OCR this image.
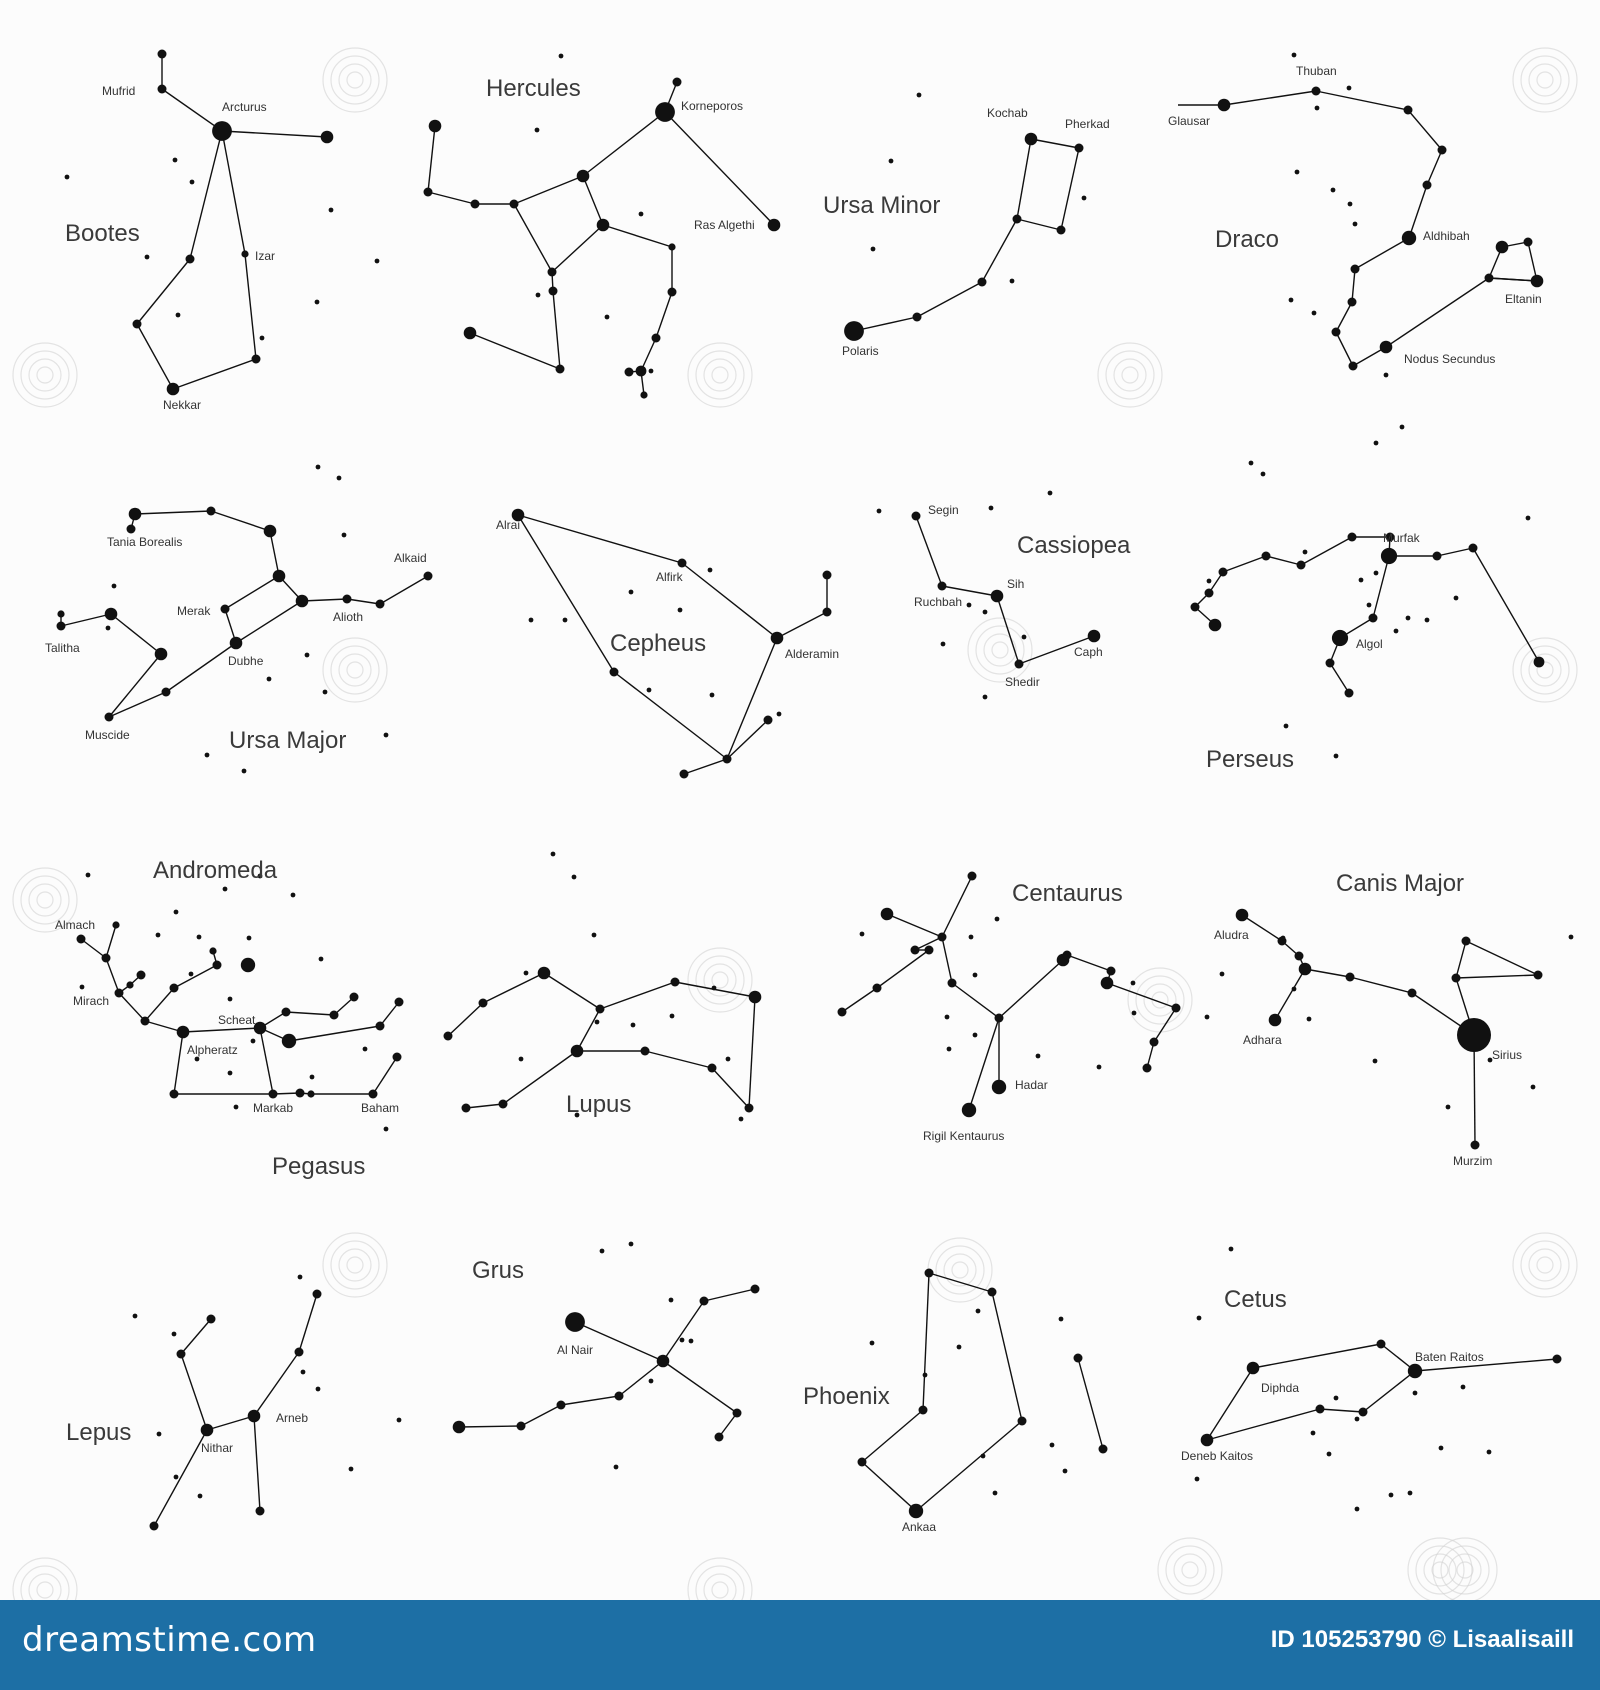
Bootes
Hercules
Ursa Minor
Draco
Ursa Major
Cepheus
Cassiopea
Perseus
Andromeda
Pegasus
Lupus
Centaurus	Canis Major
Lepus
Grus
Phoenix
Cetus
Mufrid
Arcturus
Izar
Nekkar
Korneporos
Ras Algethi
Kochab
Pherkad
Polaris
Glausar
Thuban
Aldhibah
Nodus Secundus
Eltanin
Tania Borealis
Alioth
Alkaid
Merak
Dubhe
Muscide
Talitha
Alrai
Alfirk
Alderamin
Segin
Ruchbah
Sih
Shedir
Caph
Murfak
Algol
Almach
Mirach
Alpheratz
Scheat
Markab	Baham
Rigil Kentaurus
Hadar
Aludra
Sirius
Murzim
Adhara
Arneb
Nithar
Al Nair
Ankaa
Diphda
Baten Raitos
Deneb Kaitos
dreamstime.com	ID 105253790 © Lisaalisaill
